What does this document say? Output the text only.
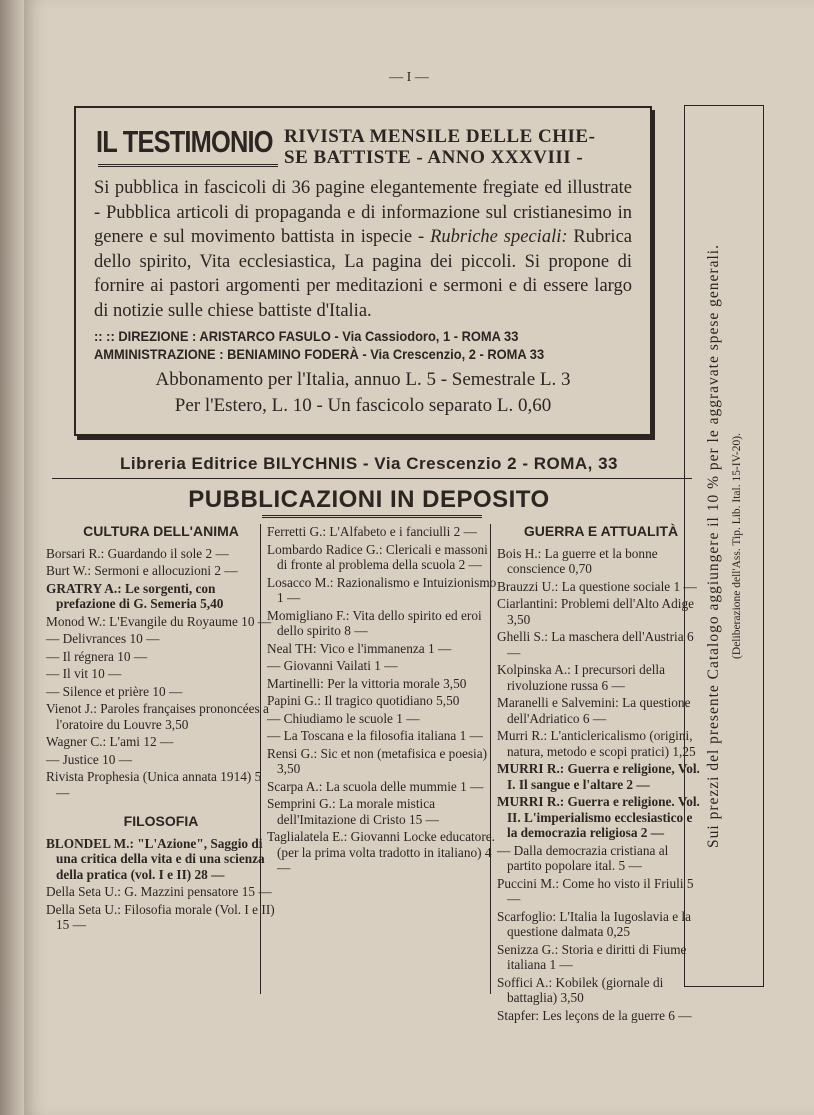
— I —
IL TESTIMONIO RIVISTA MENSILE DELLE CHIE-
SE BATTISTE - ANNO XXXVIII -
Si pubblica in fascicoli di 36 pagine elegantemente fregiate ed illustrate - Pubblica articoli di propaganda e di informazione sul cristianesimo in genere e sul movimento battista in ispecie - Rubriche speciali: Rubrica dello spirito, Vita ecclesiastica, La pagina dei piccoli. Si propone di fornire ai pastori argomenti per meditazioni e sermoni e di essere largo di notizie sulle chiese battiste d'Italia.
:: :: DIREZIONE : ARISTARCO FASULO - Via Cassiodoro, 1 - ROMA 33
AMMINISTRAZIONE : BENIAMINO FODERÀ - Via Crescenzio, 2 - ROMA 33
Abbonamento per l'Italia, annuo L. 5 - Semestrale L. 3
Per l'Estero, L. 10 - Un fascicolo separato L. 0,60	Sui prezzi del presente Catalogo aggiungere il 10 % per le aggravate spese generali. (Deliberazione dell'Ass. Tip. Lib. Ital. 15-IV-20).
Libreria Editrice BILYCHNIS - Via Crescenzio 2 - ROMA, 33
PUBBLICAZIONI IN DEPOSITO
CULTURA DELL'ANIMA
Borsari R.: Guardando il sole 2 —
Burt W.: Sermoni e allocuzioni 2 —
GRATRY A.: Le sorgenti, con prefazione di G. Semeria 5,40
Monod W.: L'Evangile du Royaume 10 —
— Delivrances 10 —
— Il régnera 10 —
— Il vit 10 —
— Silence et prière 10 —
Vienot J.: Paroles françaises prononcées a l'oratoire du Louvre 3,50
Wagner C.: L'ami 12 —
— Justice 10 —
Rivista Prophesia (Unica annata 1914) 5 —
FILOSOFIA
BLONDEL M.: "L'Azione", Saggio di una critica della vita e di una scienza della pratica (vol. I e II) 28 —
Della Seta U.: G. Mazzini pensatore 15 —
Della Seta U.: Filosofia morale (Vol. I e II) 15 —
Ferretti G.: L'Alfabeto e i fanciulli 2 —
Lombardo Radice G.: Clericali e massoni di fronte al problema della scuola 2 —
Losacco M.: Razionalismo e Intuizionismo 1 —
Momigliano F.: Vita dello spirito ed eroi dello spirito 8 —
Neal TH: Vico e l'immanenza 1 —
— Giovanni Vailati 1 —
Martinelli: Per la vittoria morale 3,50
Papini G.: Il tragico quotidiano 5,50
— Chiudiamo le scuole 1 —
— La Toscana e la filosofia italiana 1 —
Rensi G.: Sic et non (metafisica e poesia) 3,50
Scarpa A.: La scuola delle mummie 1 —
Semprini G.: La morale mistica dell'Imitazione di Cristo 15 —
Taglialatela E.: Giovanni Locke educatore. (per la prima volta tradotto in italiano) 4 —
GUERRA E ATTUALITÀ
Bois H.: La guerre et la bonne conscience 0,70
Brauzzi U.: La questione sociale 1 —
Ciarlantini: Problemi dell'Alto Adige 3,50
Ghelli S.: La maschera dell'Austria 6 —
Kolpinska A.: I precursori della rivoluzione russa 6 —
Maranelli e Salvemini: La questione dell'Adriatico 6 —
Murri R.: L'anticlericalismo (origini, natura, metodo e scopi pratici) 1,25
MURRI R.: Guerra e religione, Vol. I. Il sangue e l'altare 2 —
MURRI R.: Guerra e religione. Vol. II. L'imperialismo ecclesiastico e la democrazia religiosa 2 —
— Dalla democrazia cristiana al partito popolare ital. 5 —
Puccini M.: Come ho visto il Friuli 5 —
Scarfoglio: L'Italia la Iugoslavia e la questione dalmata 0,25
Senizza G.: Storia e diritti di Fiume italiana 1 —
Soffici A.: Kobilek (giornale di battaglia) 3,50
Stapfer: Les leçons de la guerre 6 —
